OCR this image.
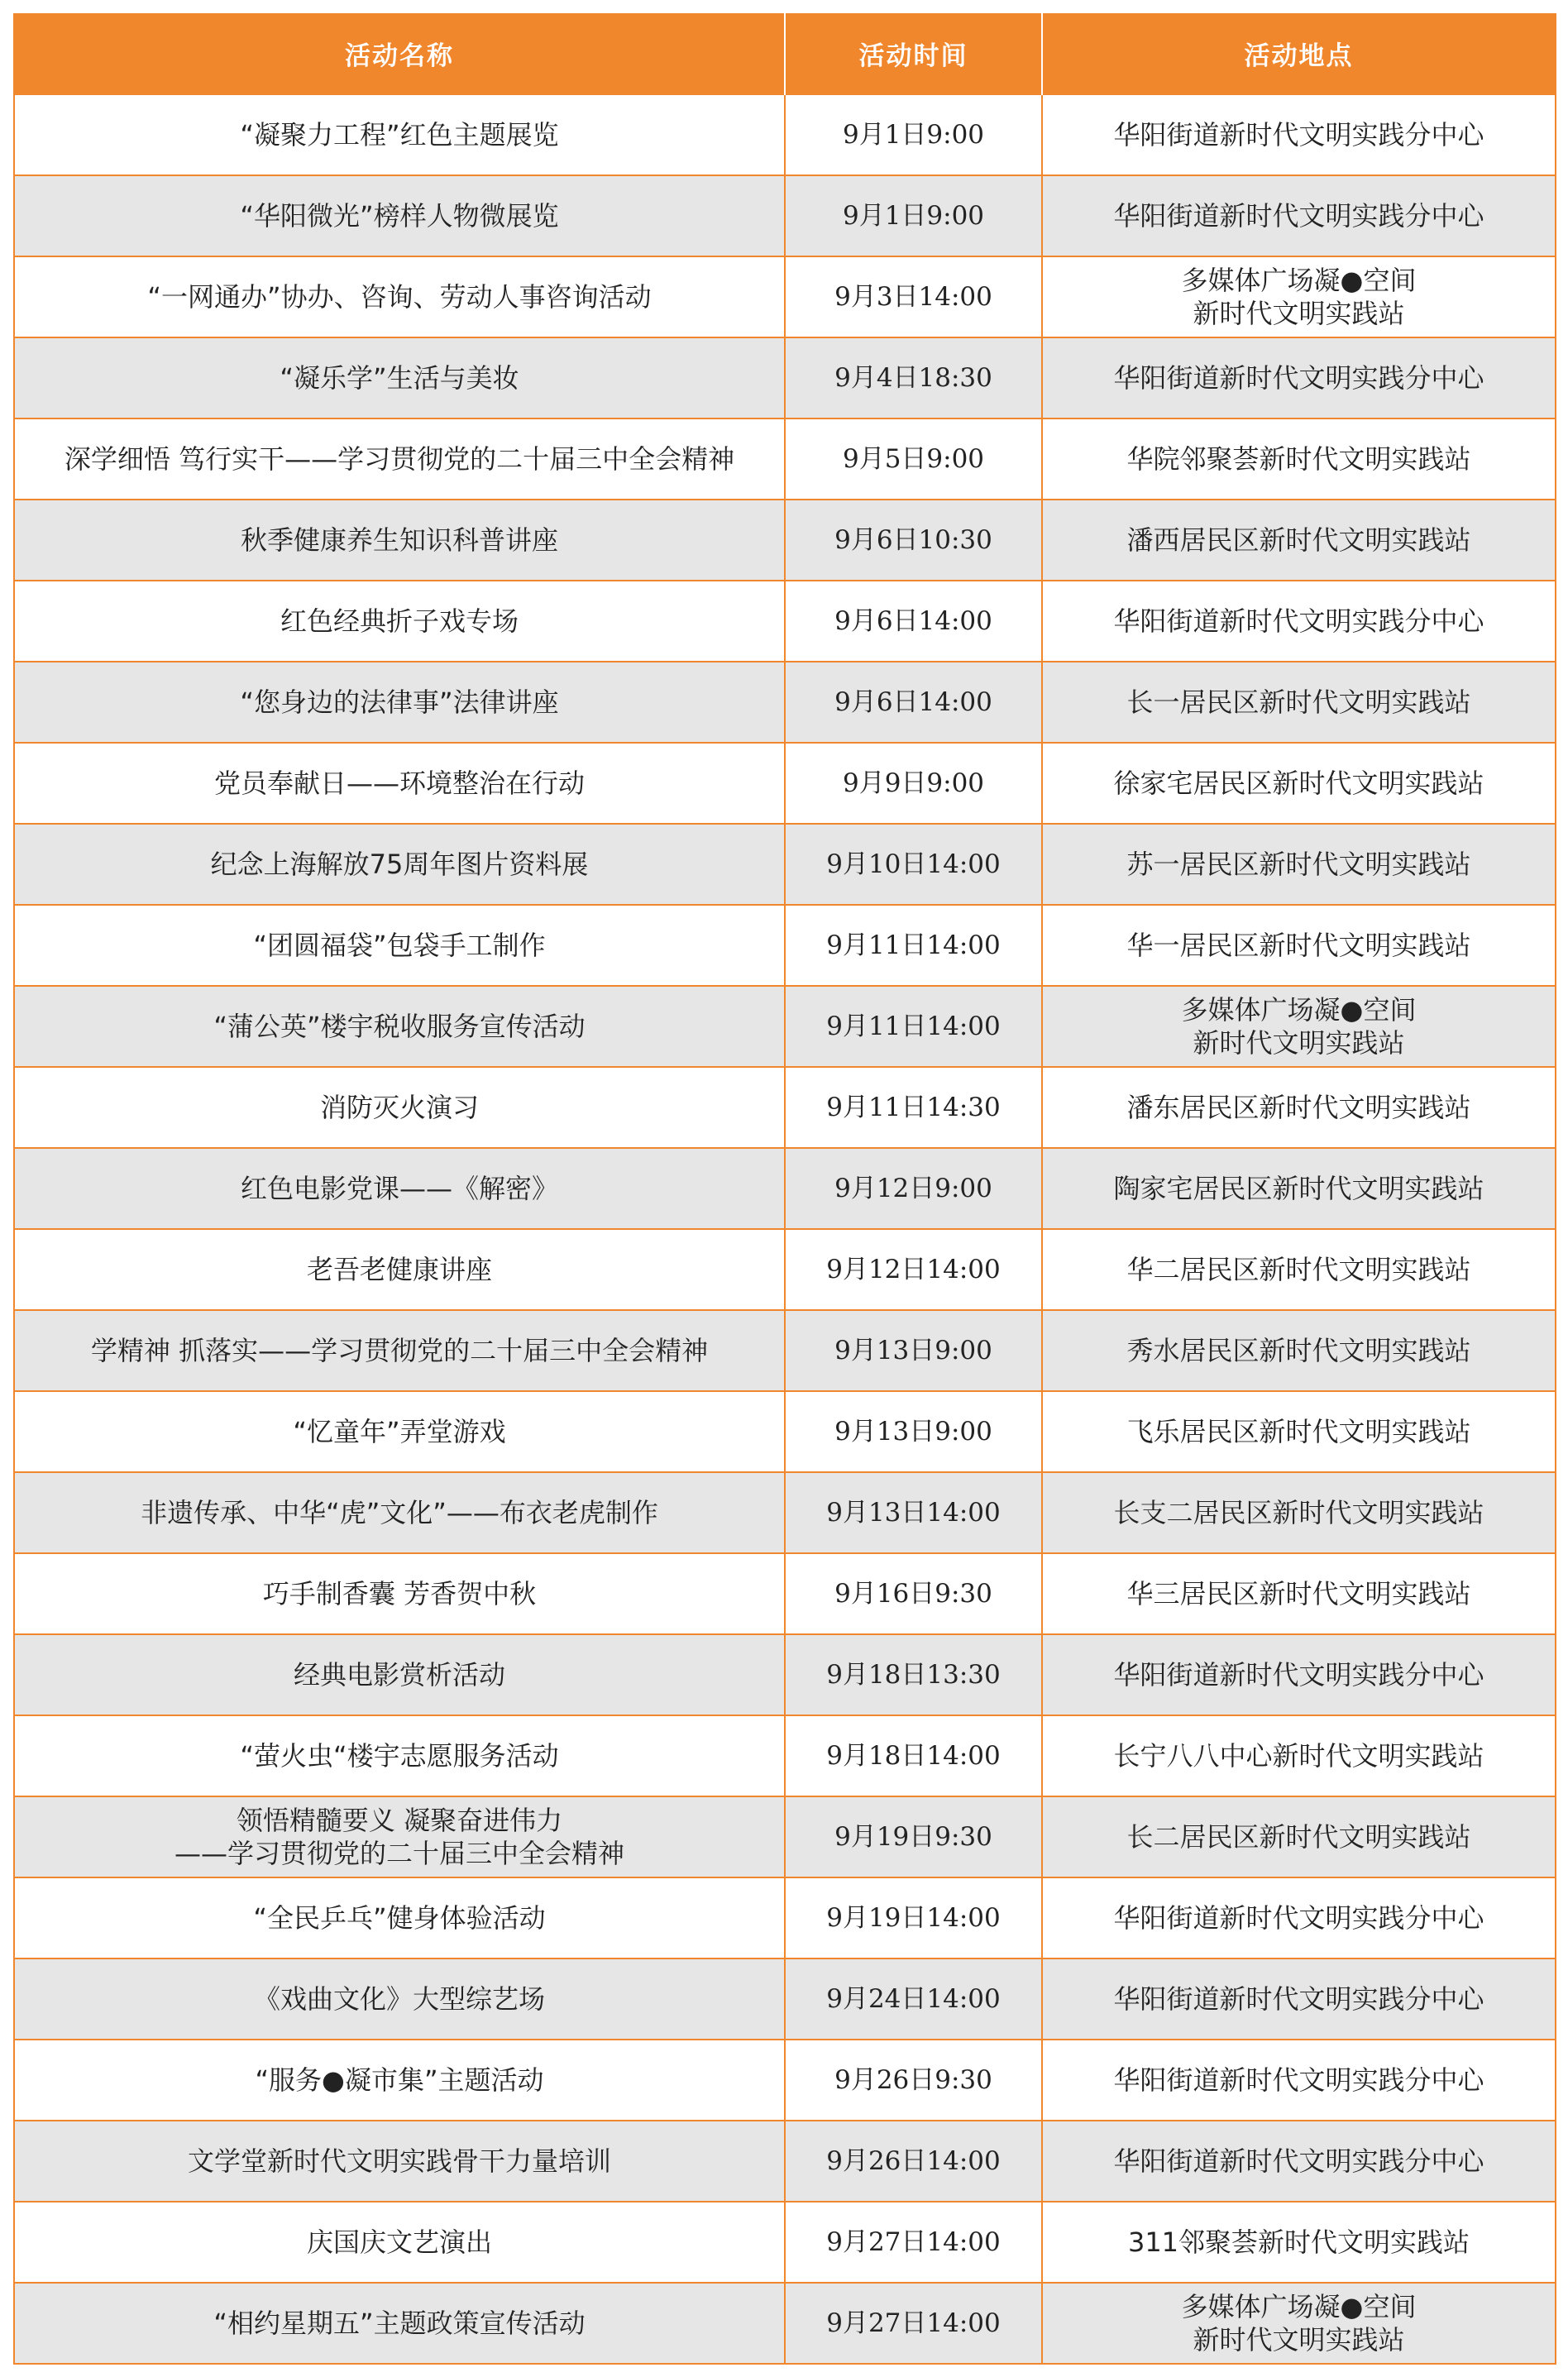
活动名称	活动时间	活动地点
“凝聚力工程”红色主题展览	9月1日9:00	华阳街道新时代文明实践分中心
“华阳微光”榜样人物微展览	9月1日9:00	华阳街道新时代文明实践分中心
“一网通办”协办、咨询、劳动人事咨询活动	9月3日14:00	多媒体广场凝●空间
新时代文明实践站
“凝乐学”生活与美妆	9月4日18:30	华阳街道新时代文明实践分中心
深学细悟 笃行实干——学习贯彻党的二十届三中全会精神	9月5日9:00	华院邻聚荟新时代文明实践站
秋季健康养生知识科普讲座	9月6日10:30	潘西居民区新时代文明实践站
红色经典折子戏专场	9月6日14:00	华阳街道新时代文明实践分中心
“您身边的法律事”法律讲座	9月6日14:00	长一居民区新时代文明实践站
党员奉献日——环境整治在行动	9月9日9:00	徐家宅居民区新时代文明实践站
纪念上海解放75周年图片资料展	9月10日14:00	苏一居民区新时代文明实践站
“团圆福袋”包袋手工制作	9月11日14:00	华一居民区新时代文明实践站
“蒲公英”楼宇税收服务宣传活动	9月11日14:00	多媒体广场凝●空间
新时代文明实践站
消防灭火演习	9月11日14:30	潘东居民区新时代文明实践站
红色电影党课——《解密》	9月12日9:00	陶家宅居民区新时代文明实践站
老吾老健康讲座	9月12日14:00	华二居民区新时代文明实践站
学精神 抓落实——学习贯彻党的二十届三中全会精神	9月13日9:00	秀水居民区新时代文明实践站
“忆童年”弄堂游戏	9月13日9:00	飞乐居民区新时代文明实践站
非遗传承、中华“虎”文化”——布衣老虎制作	9月13日14:00	长支二居民区新时代文明实践站
巧手制香囊 芳香贺中秋	9月16日9:30	华三居民区新时代文明实践站
经典电影赏析活动	9月18日13:30	华阳街道新时代文明实践分中心
“萤火虫“楼宇志愿服务活动	9月18日14:00	长宁八八中心新时代文明实践站
领悟精髓要义 凝聚奋进伟力
——学习贯彻党的二十届三中全会精神	9月19日9:30	长二居民区新时代文明实践站
“全民乒乓”健身体验活动	9月19日14:00	华阳街道新时代文明实践分中心
《戏曲文化》大型综艺场	9月24日14:00	华阳街道新时代文明实践分中心
“服务●凝市集”主题活动	9月26日9:30	华阳街道新时代文明实践分中心
文学堂新时代文明实践骨干力量培训	9月26日14:00	华阳街道新时代文明实践分中心
庆国庆文艺演出	9月27日14:00	311邻聚荟新时代文明实践站
“相约星期五”主题政策宣传活动	9月27日14:00	多媒体广场凝●空间
新时代文明实践站
